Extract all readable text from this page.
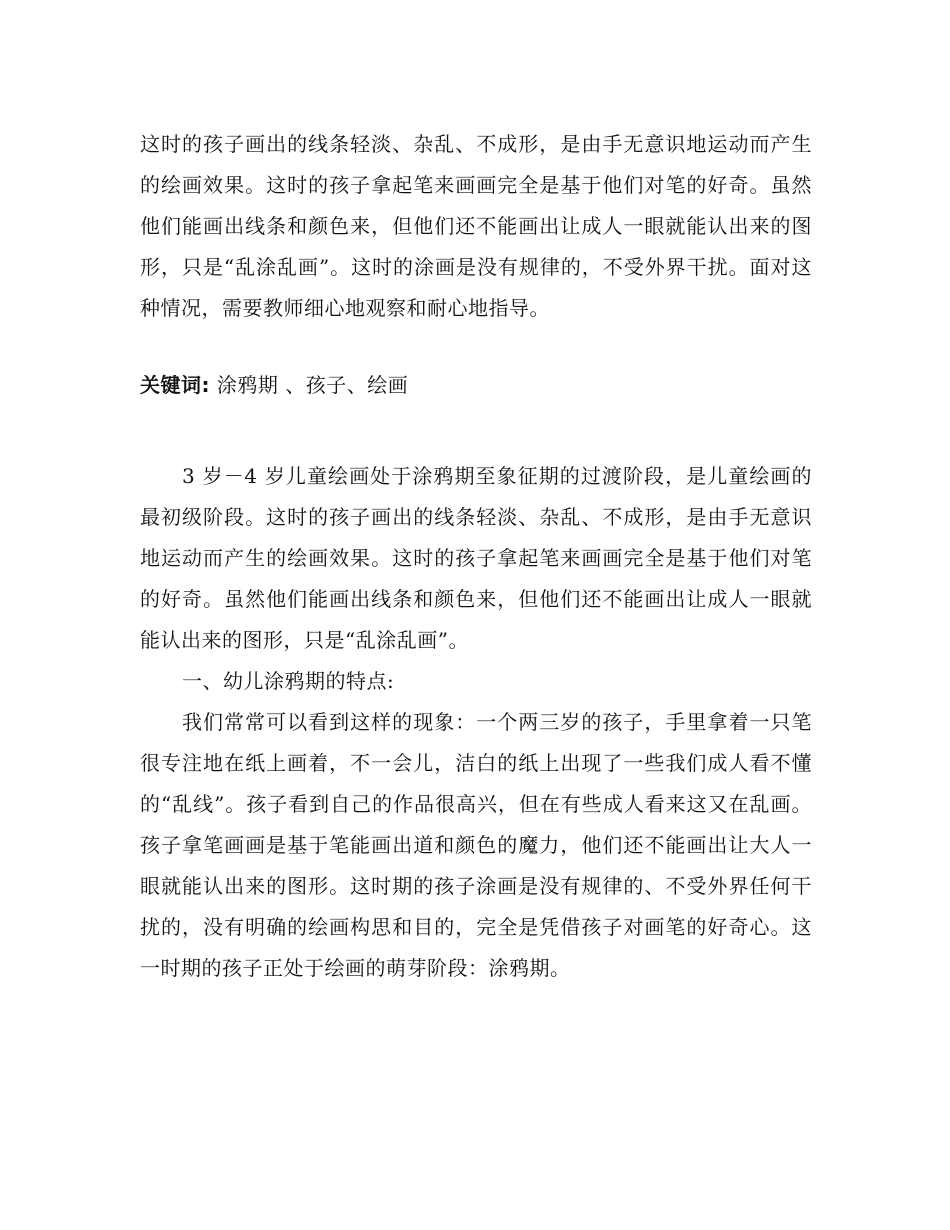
这时的孩子画出的线条轻淡、杂乱、不成形，是由手无意识地运动而产生的绘画效果。这时的孩子拿起笔来画画完全是基于他们对笔的好奇。虽然他们能画出线条和颜色来，但他们还不能画出让成人一眼就能认出来的图形，只是“乱涂乱画”。这时的涂画是没有规律的，不受外界干扰。面对这种情况，需要教师细心地观察和耐心地指导。

关键词: 涂鸦期 、孩子、绘画

3 岁－4 岁儿童绘画处于涂鸦期至象征期的过渡阶段，是儿童绘画的最初级阶段。这时的孩子画出的线条轻淡、杂乱、不成形，是由手无意识地运动而产生的绘画效果。这时的孩子拿起笔来画画完全是基于他们对笔的好奇。虽然他们能画出线条和颜色来，但他们还不能画出让成人一眼就能认出来的图形，只是“乱涂乱画”。

一、幼儿涂鸦期的特点:

我们常常可以看到这样的现象：一个两三岁的孩子，手里拿着一只笔很专注地在纸上画着，不一会儿，洁白的纸上出现了一些我们成人看不懂的“乱线”。孩子看到自己的作品很高兴，但在有些成人看来这又在乱画。孩子拿笔画画是基于笔能画出道和颜色的魔力，他们还不能画出让大人一眼就能认出来的图形。这时期的孩子涂画是没有规律的、不受外界任何干扰的，没有明确的绘画构思和目的，完全是凭借孩子对画笔的好奇心。这一时期的孩子正处于绘画的萌芽阶段：涂鸦期。
